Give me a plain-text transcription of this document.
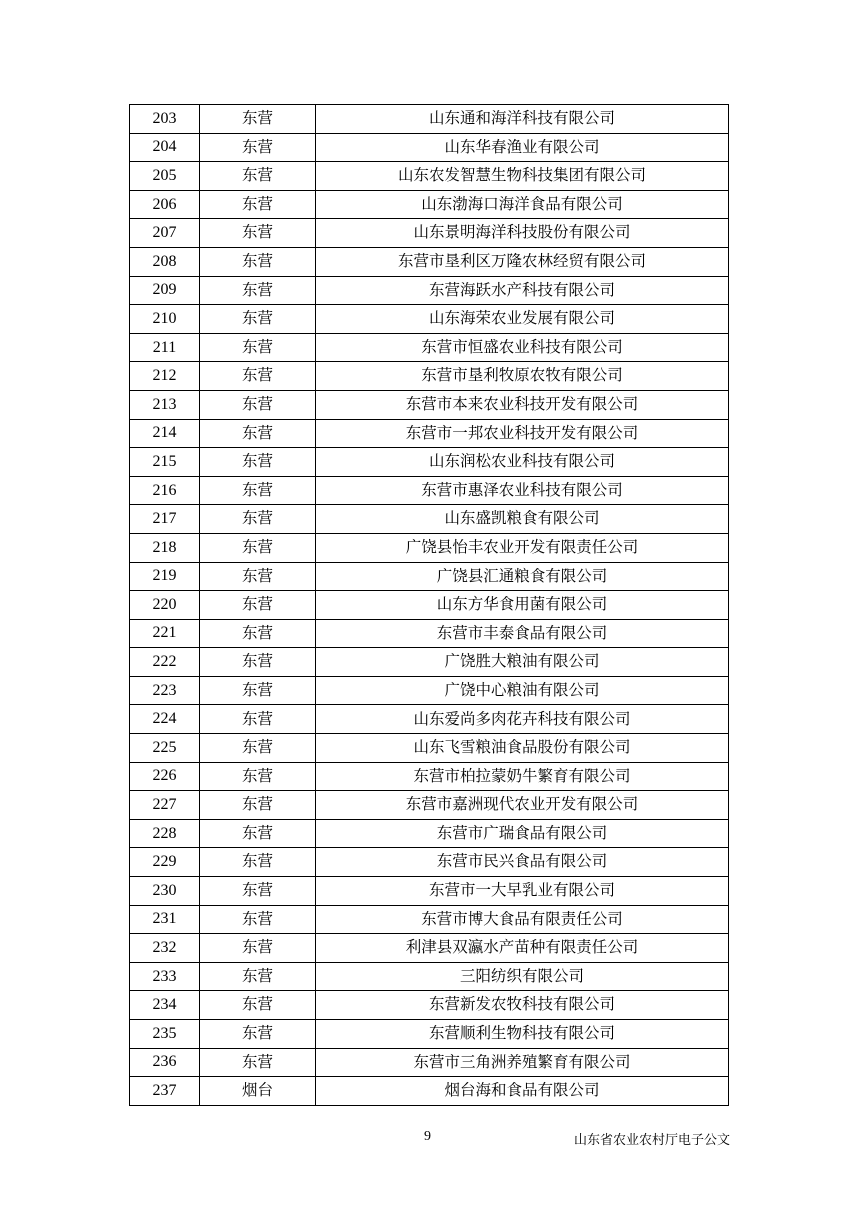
203	东营	山东通和海洋科技有限公司
204	东营	山东华春渔业有限公司
205	东营	山东农发智慧生物科技集团有限公司
206	东营	山东渤海口海洋食品有限公司
207	东营	山东景明海洋科技股份有限公司
208	东营	东营市垦利区万隆农林经贸有限公司
209	东营	东营海跃水产科技有限公司
210	东营	山东海荣农业发展有限公司
211	东营	东营市恒盛农业科技有限公司
212	东营	东营市垦利牧原农牧有限公司
213	东营	东营市本来农业科技开发有限公司
214	东营	东营市一邦农业科技开发有限公司
215	东营	山东润松农业科技有限公司
216	东营	东营市惠泽农业科技有限公司
217	东营	山东盛凯粮食有限公司
218	东营	广饶县怡丰农业开发有限责任公司
219	东营	广饶县汇通粮食有限公司
220	东营	山东方华食用菌有限公司
221	东营	东营市丰泰食品有限公司
222	东营	广饶胜大粮油有限公司
223	东营	广饶中心粮油有限公司
224	东营	山东爱尚多肉花卉科技有限公司
225	东营	山东飞雪粮油食品股份有限公司
226	东营	东营市柏拉蒙奶牛繁育有限公司
227	东营	东营市嘉洲现代农业开发有限公司
228	东营	东营市广瑞食品有限公司
229	东营	东营市民兴食品有限公司
230	东营	东营市一大早乳业有限公司
231	东营	东营市博大食品有限责任公司
232	东营	利津县双瀛水产苗种有限责任公司
233	东营	三阳纺织有限公司
234	东营	东营新发农牧科技有限公司
235	东营	东营顺利生物科技有限公司
236	东营	东营市三角洲养殖繁育有限公司
237	烟台	烟台海和食品有限公司
9	山东省农业农村厅电子公文
